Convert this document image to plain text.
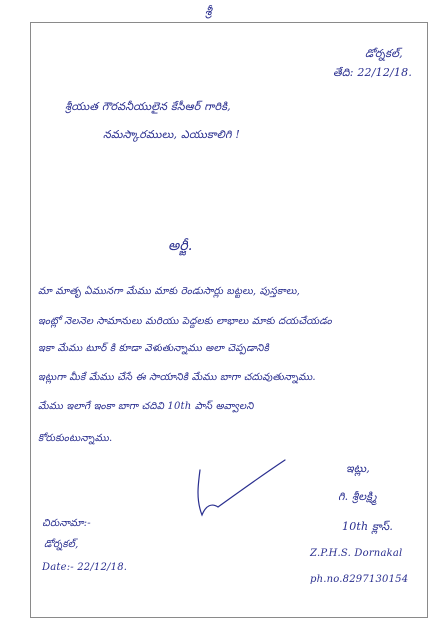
శ్రీ
డోర్నకల్,
తేది: 22/12/18.
శ్రీయుత గౌరవనీయులైన కేసీఆర్ గారికి,
నమస్కారములు, ఎయుకాలిగి !
అర్జీ.
మా మాతృ ఏమునగా మేము మాకు రెండుసార్లు బట్టలు, పుస్తకాలు,
ఇంట్లో నెలనెల సామానులు మరియు పెద్దలకు లాభాలు మాకు దయచేయడం
ఇకా మేము టూర్ కి కూడా వెళుతున్నాము అలా చెప్పడానికి
ఇట్లుగా మీకే మేము చేసే ఈ సాయానికి మేము బాగా చదువుతున్నాము.
మేము ఇలాగే ఇంకా బాగా చదివి 10th పాస్ అవ్వాలని
కోరుకుంటున్నాము.
ఇట్లు,
గి. శ్రీలక్ష్మి
10th క్లాస్.
Z.P.H.S. Dornakal
ph.no.8297130154
చిరునామా:-
డోర్నకల్,
Date:- 22/12/18.
